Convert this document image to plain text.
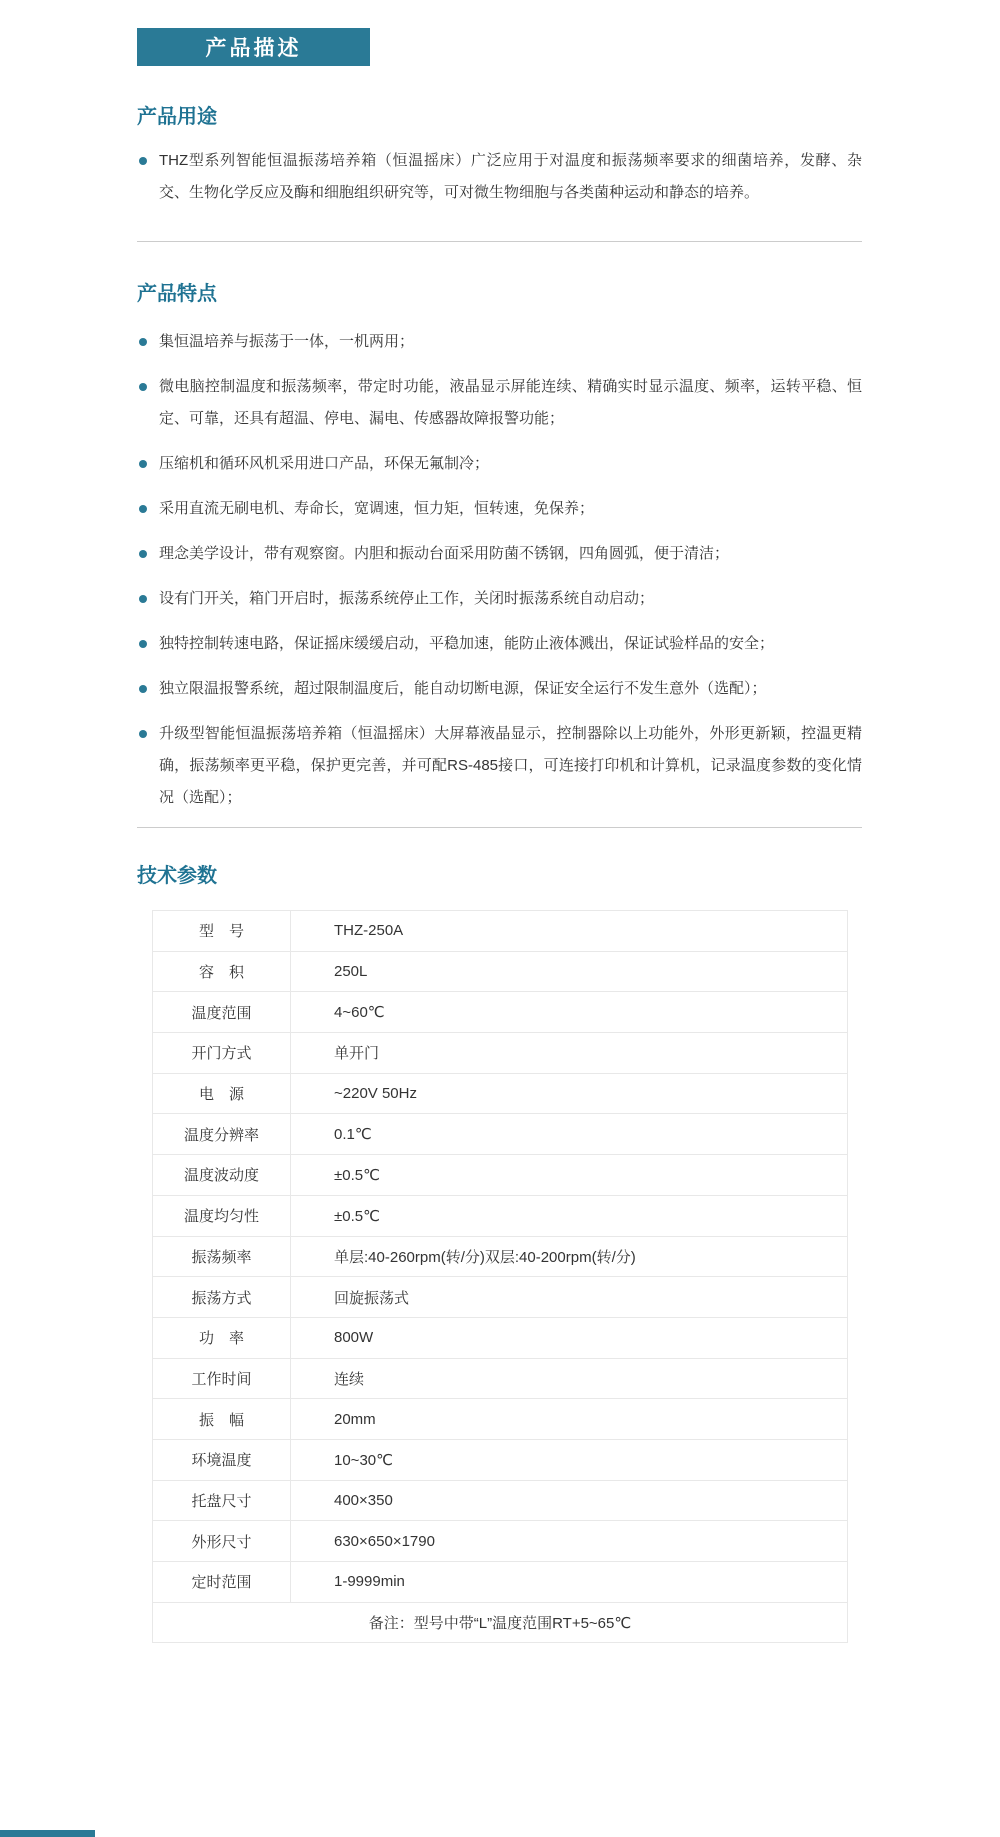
产品描述
产品用途
THZ型系列智能恒温振荡培养箱（恒温摇床）广泛应用于对温度和振荡频率要求的细菌培养，发酵、杂交、生物化学反应及酶和细胞组织研究等，可对微生物细胞与各类菌种运动和静态的培养。
产品特点
集恒温培养与振荡于一体，一机两用；
微电脑控制温度和振荡频率，带定时功能，液晶显示屏能连续、精确实时显示温度、频率，运转平稳、恒定、可靠，还具有超温、停电、漏电、传感器故障报警功能；
压缩机和循环风机采用进口产品，环保无氟制冷；
采用直流无刷电机、寿命长，宽调速，恒力矩，恒转速，免保养；
理念美学设计，带有观察窗。内胆和振动台面采用防菌不锈钢，四角圆弧，便于清洁；
设有门开关，箱门开启时，振荡系统停止工作，关闭时振荡系统自动启动；
独特控制转速电路，保证摇床缓缓启动，平稳加速，能防止液体溅出，保证试验样品的安全；
独立限温报警系统，超过限制温度后，能自动切断电源，保证安全运行不发生意外（选配）；
升级型智能恒温振荡培养箱（恒温摇床）大屏幕液晶显示，控制器除以上功能外，外形更新颖，控温更精确，振荡频率更平稳，保护更完善，并可配RS-485接口，可连接打印机和计算机，记录温度参数的变化情况（选配）；
技术参数
型　号	THZ-250A
容　积	250L
温度范围	4~60℃
开门方式	单开门
电　源	~220V 50Hz
温度分辨率	0.1℃
温度波动度	±0.5℃
温度均匀性	±0.5℃
振荡频率	单层:40-260rpm(转/分)双层:40-200rpm(转/分)
振荡方式	回旋振荡式
功　率	800W
工作时间	连续
振　幅	20mm
环境温度	10~30℃
托盘尺寸	400×350
外形尺寸	630×650×1790
定时范围	1-9999min
备注：型号中带“L”温度范围RT+5~65℃	
